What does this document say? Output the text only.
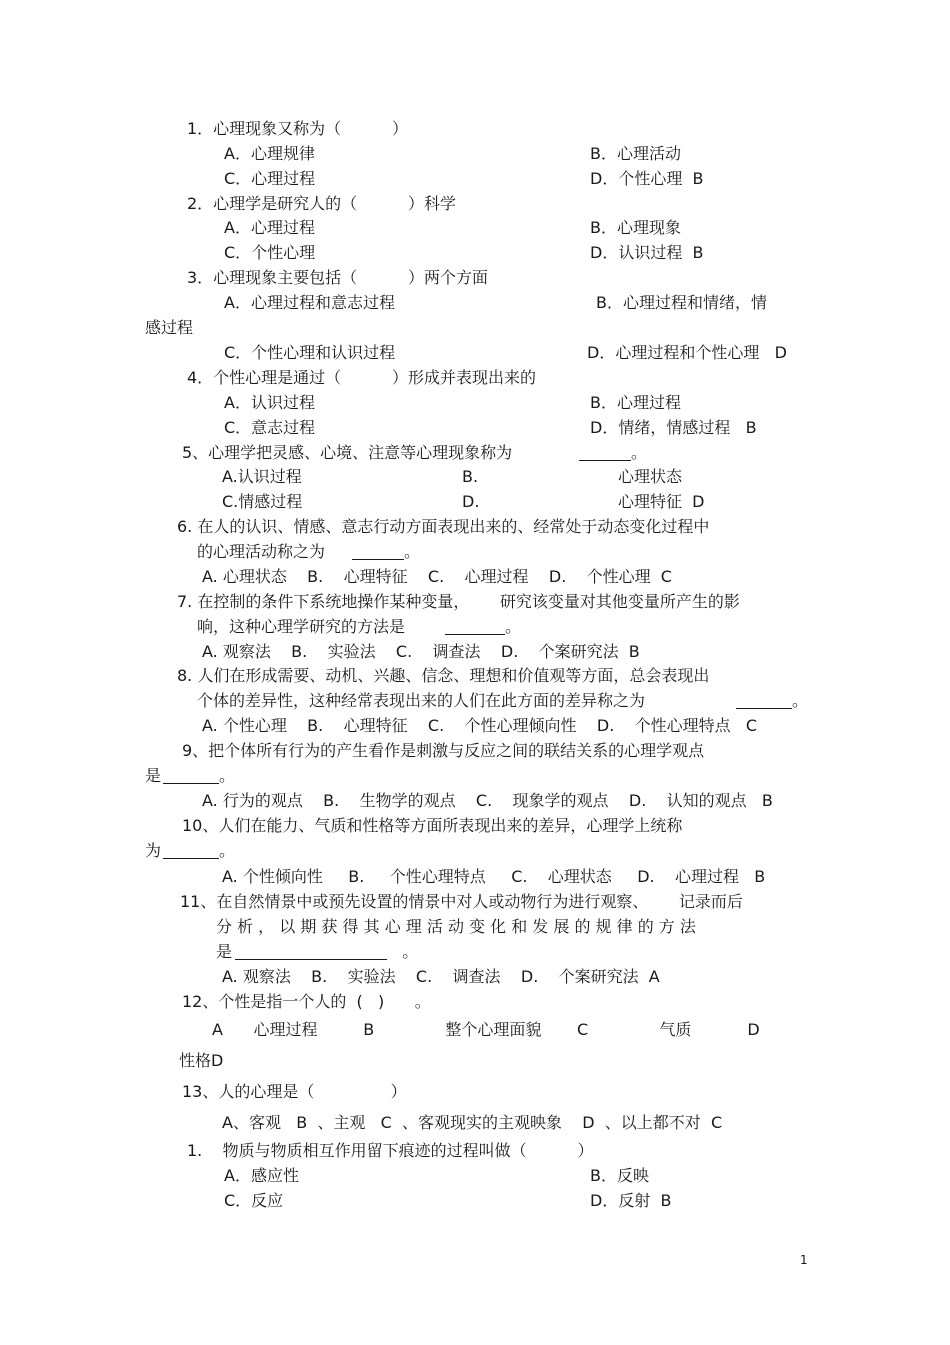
1．心理现象又称为（          ）
A．心理规律	B．心理活动
C．心理过程	D．个性心理  B
2．心理学是研究人的（          ）科学
A．心理过程	B．心理现象
C．个性心理	D．认识过程  B
3．心理现象主要包括（          ）两个方面
A．心理过程和意志过程	B．心理过程和情绪，情
感过程
C．个性心理和认识过程	D．心理过程和个性心理   D
4．个性心理是通过（          ）形成并表现出来的
A．认识过程	B．心理过程
C．意志过程	D．情绪，情感过程   B
5、心理学把灵感、心境、注意等心理现象称为	。
A.认识过程	B.	心理状态
C.情感过程	D.	心理特征  D
6. 在人的认识、情感、意志行动方面表现出来的、经常处于动态变化过程中
的心理活动称之为	。
A. 心理状态    B.    心理特征    C.    心理过程    D.    个性心理  C
7. 在控制的条件下系统地操作某种变量，      研究该变量对其他变量所产生的影
响，这种心理学研究的方法是	。
A. 观察法    B.    实验法    C.    调查法    D.    个案研究法  B
8. 人们在形成需要、动机、兴趣、信念、理想和价值观等方面，总会表现出
个体的差异性，这种经常表现出来的人们在此方面的差异称之为	。
A. 个性心理    B.    心理特征    C.    个性心理倾向性    D.    个性心理特点   C
9、把个体所有行为的产生看作是刺激与反应之间的联结关系的心理学观点
是	。
A. 行为的观点    B.    生物学的观点    C.    现象学的观点    D.    认知的观点   B
10、人们在能力、气质和性格等方面所表现出来的差异，心理学上统称
为	。
A. 个性倾向性     B.     个性心理特点     C.    心理状态     D.    心理过程   B
11、在自然情景中或预先设置的情景中对人或动物行为进行观察、      记录而后
分 析 ， 以 期 获 得 其 心 理 活 动 变 化 和 发 展 的 规 律 的 方 法
是	。
A. 观察法    B.    实验法    C.    调查法    D.    个案研究法  A
12、个性是指一个人的  (   )      。
A      心理过程         B              整个心理面貌       C              气质           D
性格D
13、人的心理是（               ）
A、客观   B  、主观   C  、客观现实的主观映象    D  、以上都不对  C
1.    物质与物质相互作用留下痕迹的过程叫做（          ）
A．感应性	B．反映
C．反应	D．反射  B
1
